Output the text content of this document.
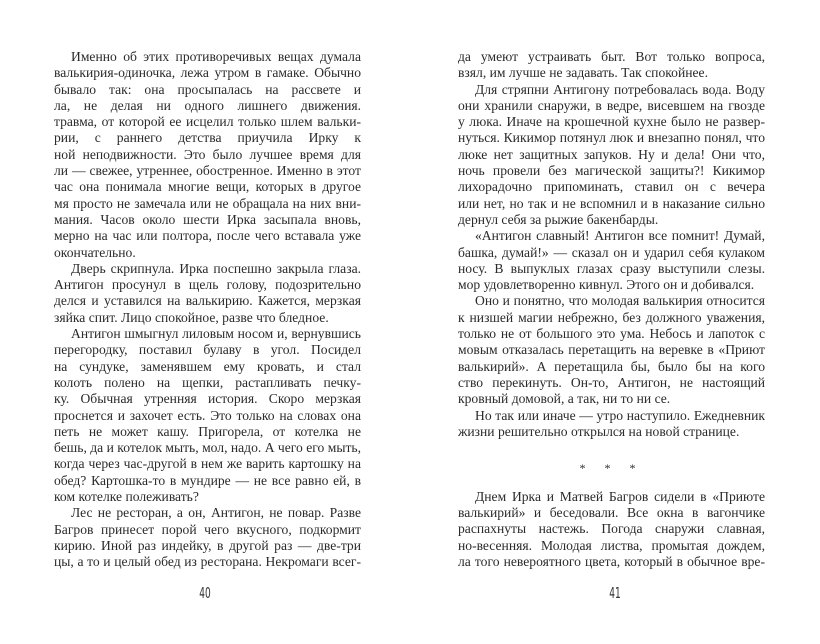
Именно об этих противоречивых вещах думала
валькирия-одиночка, лежа утром в гамаке. Обычно
бывало так: она просыпалась на рассвете и
ла, не делая ни одного лишнего движения.
травма, от которой ее исцелил только шлем вальки-
рии, с раннего детства приучила Ирку к
ной неподвижности. Это было лучшее время для
ли — свежее, утреннее, обостренное. Именно в этот
час она понимала многие вещи, которых в другое
мя просто не замечала или не обращала на них вни-
мания. Часов около шести Ирка засыпала вновь,
мерно на час или полтора, после чего вставала уже
окончательно.
Дверь скрипнула. Ирка поспешно закрыла глаза.
Антигон просунул в щель голову, подозрительно
делся и уставился на валькирию. Кажется, мерзкая
зяйка спит. Лицо спокойное, разве что бледное.
Антигон шмыгнул лиловым носом и, вернувшись
перегородку, поставил булаву в угол. Посидел
на сундуке, заменявшем ему кровать, и стал
колоть полено на щепки, растапливать печку-
ку. Обычная утренняя история. Скоро мерзкая
проснется и захочет есть. Это только на словах она
петь не может кашу. Пригорела, от котелка не
бешь, да и котелок мыть, мол, надо. А чего его мыть,
когда через час-другой в нем же варить картошку на
обед? Картошка-то в мундире — не все равно ей, в
ком котелке полеживать?
Лес не ресторан, а он, Антигон, не повар. Разве
Багров принесет порой чего вкусного, подкормит
кирию. Иной раз индейку, в другой раз — две-три
цы, а то и целый обед из ресторана. Некромаги всег-
40
да умеют устраивать быт. Вот только вопроса,
взял, им лучше не задавать. Так спокойнее.
Для стряпни Антигону потребовалась вода. Воду
они хранили снаружи, в ведре, висевшем на гвозде
у люка. Иначе на крошечной кухне было не развер-
нуться. Кикимор потянул люк и внезапно понял, что
люке нет защитных запуков. Ну и дела! Они что,
ночь провели без магической защиты?! Кикимор
лихорадочно припоминать, ставил он с вечера
или нет, но так и не вспомнил и в наказание сильно
дернул себя за рыжие бакенбарды.
«Антигон славный! Антигон все помнит! Думай,
башка, думай!» — сказал он и ударил себя кулаком
носу. В выпуклых глазах сразу выступили слезы.
мор удовлетворенно кивнул. Этого он и добивался.
Оно и понятно, что молодая валькирия относится
к низшей магии небрежно, без должного уважения,
только не от большого это ума. Небось и лапоток с
мовым отказалась перетащить на веревке в «Приют
валькирий». А перетащила бы, было бы на кого
ство перекинуть. Он-то, Антигон, не настоящий
кровный домовой, а так, ни то ни се.
Но так или иначе — утро наступило. Ежедневник
жизни решительно открылся на новой странице.
* * *
Днем Ирка и Матвей Багров сидели в «Приюте
валькирий» и беседовали. Все окна в вагончике
распахнуты настежь. Погода снаружи славная,
но-весенняя. Молодая листва, промытая дождем,
ла того невероятного цвета, который в обычное вре-
41
